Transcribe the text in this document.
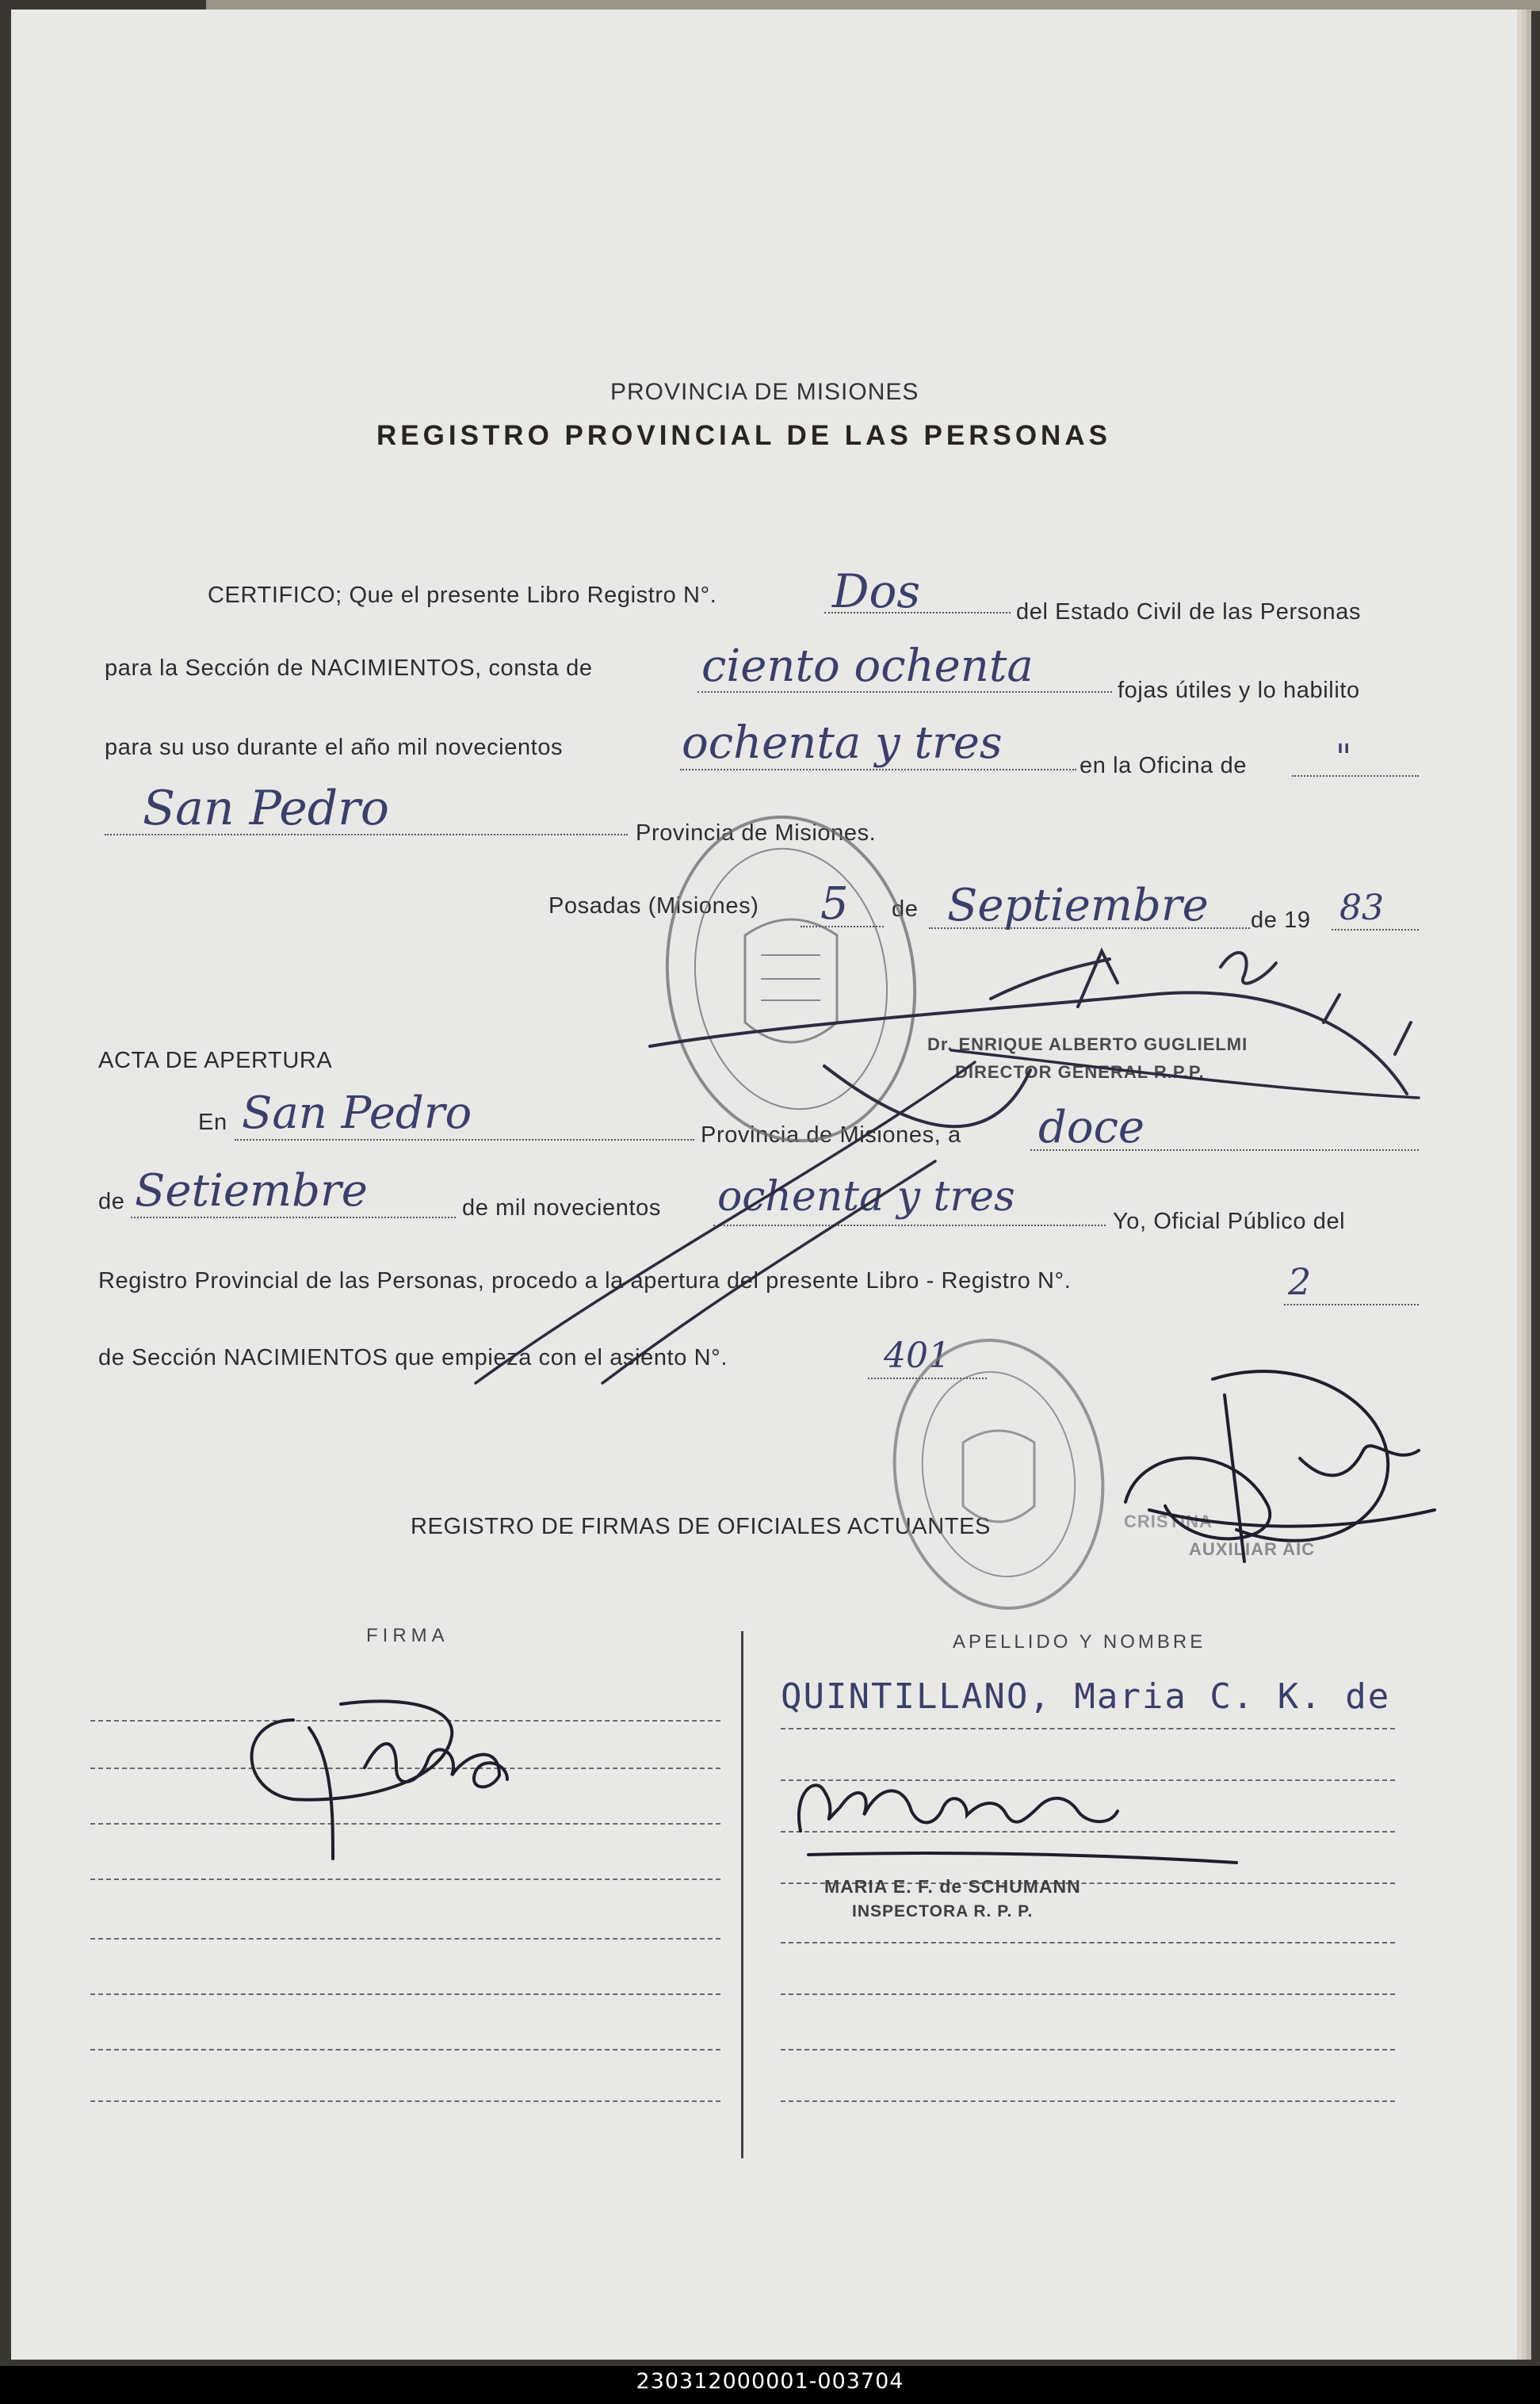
PROVINCIA DE MISIONES
REGISTRO PROVINCIAL DE LAS PERSONAS
CERTIFICO; Que el presente Libro Registro N°.	Dos	del Estado Civil de las Personas
para la Sección de NACIMIENTOS, consta de ciento ochenta	fojas útiles y lo habilito
para su uso durante el año mil novecientos	ochenta y tres	en la Oficina de	"
San Pedro	Provincia de Misiones.
Posadas (Misiones) 5 de Septiembre de 19 83
Dr. ENRIQUE ALBERTO GUGLIELMI
DIRECTOR GENERAL R.P.P.
ACTA DE APERTURA
En San Pedro	Provincia de Misiones, a doce
de Setiembre	de mil novecientos ochenta y tres
Yo, Oficial Público del
Registro Provincial de las Personas, procedo a la apertura del presente Libro - Registro N°.	2
de Sección NACIMIENTOS que empieza con el asiento N°.	401
CRISTINA
AUXILIAR AIC
REGISTRO DE FIRMAS DE OFICIALES ACTUANTES
FIRMA	APELLIDO Y NOMBRE
QUINTILLANO, Maria C. K. de
MARIA E. F. de SCHUMANN
INSPECTORA R. P. P.
230312000001-003704
